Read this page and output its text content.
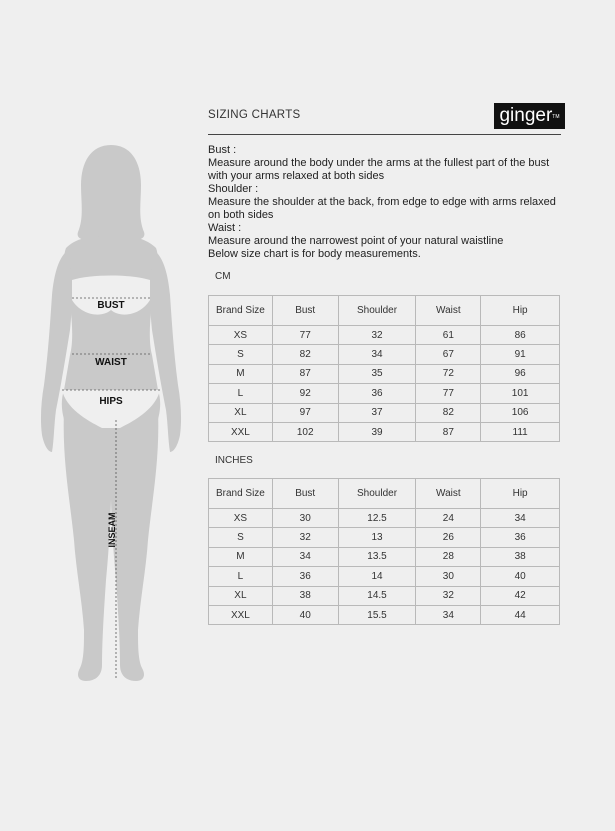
BUST
WAIST
HIPS
INSEAM
SIZING CHARTS	ginger™
Bust :
Measure around the body under the arms at the fullest part of the bust with your arms relaxed at both sides
Shoulder :
Measure the shoulder at the back, from edge to edge with arms relaxed on both sides
Waist :
Measure around the narrowest point of your natural waistline
Below size chart is for body measurements.
CM
Brand Size	Bust	Shoulder	Waist	Hip
XS	77	32	61	86
S	82	34	67	91
M	87	35	72	96
L	92	36	77	101
XL	97	37	82	106
XXL	102	39	87	111
INCHES
Brand Size	Bust	Shoulder	Waist	Hip
XS	30	12.5	24	34
S	32	13	26	36
M	34	13.5	28	38
L	36	14	30	40
XL	38	14.5	32	42
XXL	40	15.5	34	44
